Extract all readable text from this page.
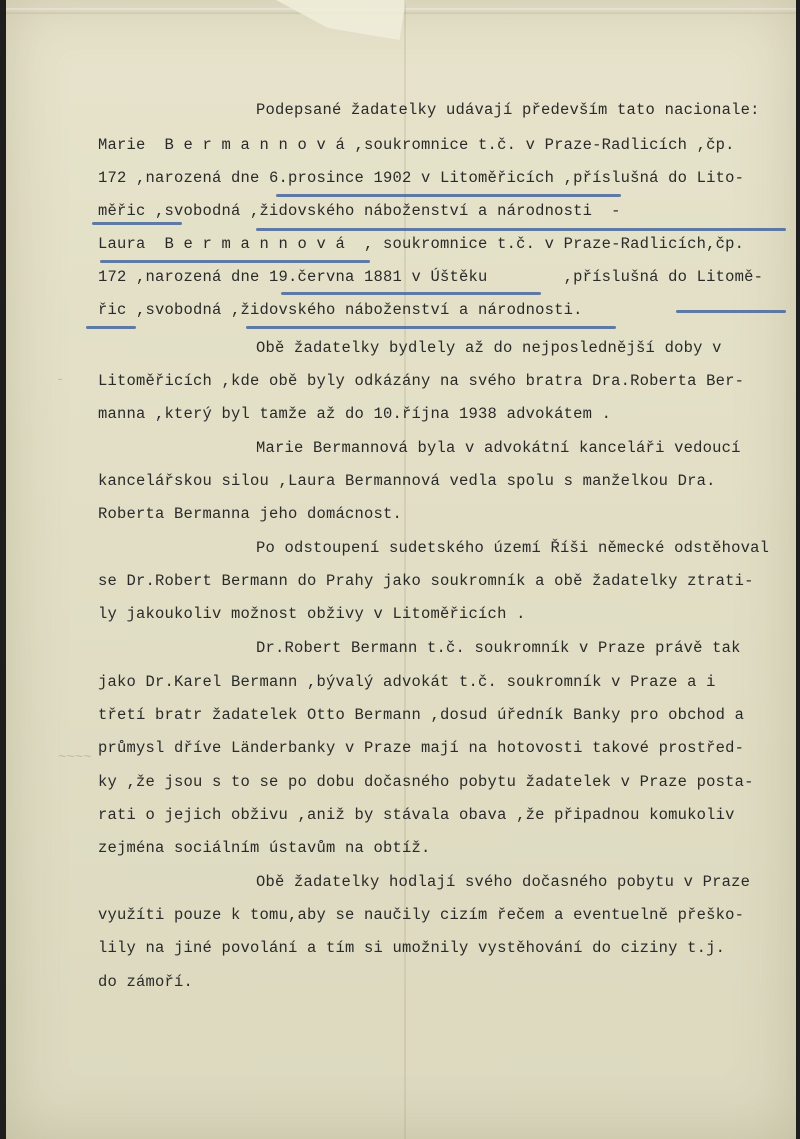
-
~~~~
Podepsané žadatelky udávají především tato nacionale:
Marie  B e r m a n n o v á ,soukromnice t.č. v Praze-Radlicích ,čp.
172 ,narozená dne 6.prosince 1902 v Litoměřicích ,příslušná do Lito-
měřic ,svobodná ,židovského náboženství a národnosti  -
Laura  B e r m a n n o v á  , soukromnice t.č. v Praze-Radlicích,čp.
172 ,narozená dne 19.června 1881 v Úštěku        ,příslušná do Litomě-
řic ,svobodná ,židovského náboženství a národnosti.
Obě žadatelky bydlely až do nejposlednější doby v
Litoměřicích ,kde obě byly odkázány na svého bratra Dra.Roberta Ber-
manna ,který byl tamže až do 10.října 1938 advokátem .
Marie Bermannová byla v advokátní kanceláři vedoucí
kancelářskou silou ,Laura Bermannová vedla spolu s manželkou Dra.
Roberta Bermanna jeho domácnost.
Po odstoupení sudetského území Říši německé odstěhoval
se Dr.Robert Bermann do Prahy jako soukromník a obě žadatelky ztrati-
ly jakoukoliv možnost obživy v Litoměřicích .
Dr.Robert Bermann t.č. soukromník v Praze právě tak
jako Dr.Karel Bermann ,bývalý advokát t.č. soukromník v Praze a i
třetí bratr žadatelek Otto Bermann ,dosud úředník Banky pro obchod a
průmysl dříve Länderbanky v Praze mají na hotovosti takové prostřed-
ky ,že jsou s to se po dobu dočasného pobytu žadatelek v Praze posta-
rati o jejich obživu ,aniž by stávala obava ,že připadnou komukoliv
zejména sociálním ústavům na obtíž.
Obě žadatelky hodlají svého dočasného pobytu v Praze
využíti pouze k tomu,aby se naučily cizím řečem a eventuelně přeško-
lily na jiné povolání a tím si umožnily vystěhování do ciziny t.j.
do zámoří.
